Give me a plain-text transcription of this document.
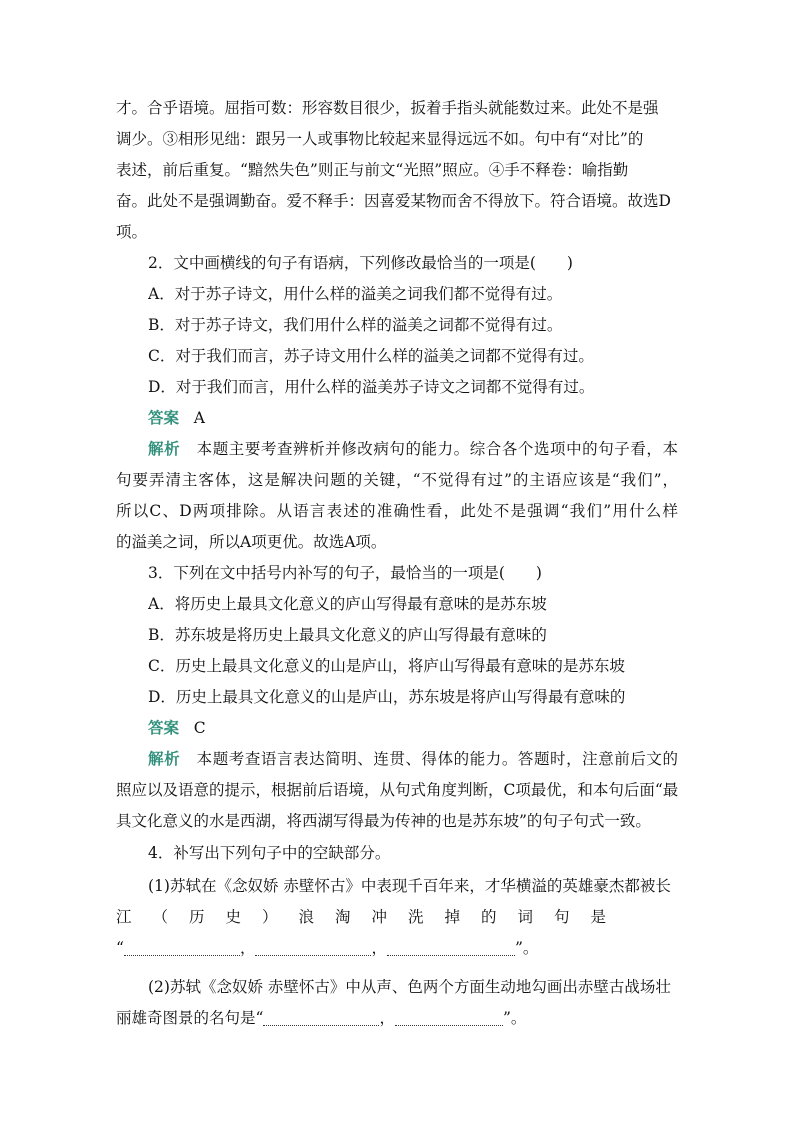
才。合乎语境。屈指可数：形容数目很少，扳着手指头就能数过来。此处不是强
调少。③相形见绌：跟另一人或事物比较起来显得远远不如。句中有“对比”的
表述，前后重复。“黯然失色”则正与前文“光照”照应。④手不释卷：喻指勤
奋。此处不是强调勤奋。爱不释手：因喜爱某物而舍不得放下。符合语境。故选D
项。
2．文中画横线的句子有语病，下列修改最恰当的一项是(　　)
A．对于苏子诗文，用什么样的溢美之词我们都不觉得有过。
B．对于苏子诗文，我们用什么样的溢美之词都不觉得有过。
C．对于我们而言，苏子诗文用什么样的溢美之词都不觉得有过。
D．对于我们而言，用什么样的溢美苏子诗文之词都不觉得有过。
答案 A
解析 本题主要考查辨析并修改病句的能力。综合各个选项中的句子看，本
句要弄清主客体，这是解决问题的关键，“不觉得有过”的主语应该是“我们”，
所以C、D两项排除。从语言表述的准确性看，此处不是强调“我们”用什么样
的溢美之词，所以A项更优。故选A项。
3．下列在文中括号内补写的句子，最恰当的一项是(　　)
A．将历史上最具文化意义的庐山写得最有意味的是苏东坡
B．苏东坡是将历史上最具文化意义的庐山写得最有意味的
C．历史上最具文化意义的山是庐山，将庐山写得最有意味的是苏东坡
D．历史上最具文化意义的山是庐山，苏东坡是将庐山写得最有意味的
答案 C
解析 本题考查语言表达简明、连贯、得体的能力。答题时，注意前后文的
照应以及语意的提示，根据前后语境，从句式角度判断，C项最优，和本句后面“最
具文化意义的水是西湖，将西湖写得最为传神的也是苏东坡”的句子句式一致。
4．补写出下列句子中的空缺部分。
(1)苏轼在《念奴娇 赤壁怀古》中表现千百年来，才华横溢的英雄豪杰都被长
江（历史）浪淘冲洗掉的词句是
“	，	，	”。
(2)苏轼《念奴娇 赤壁怀古》中从声、色两个方面生动地勾画出赤壁古战场壮
丽雄奇图景的名句是“	，	”。
